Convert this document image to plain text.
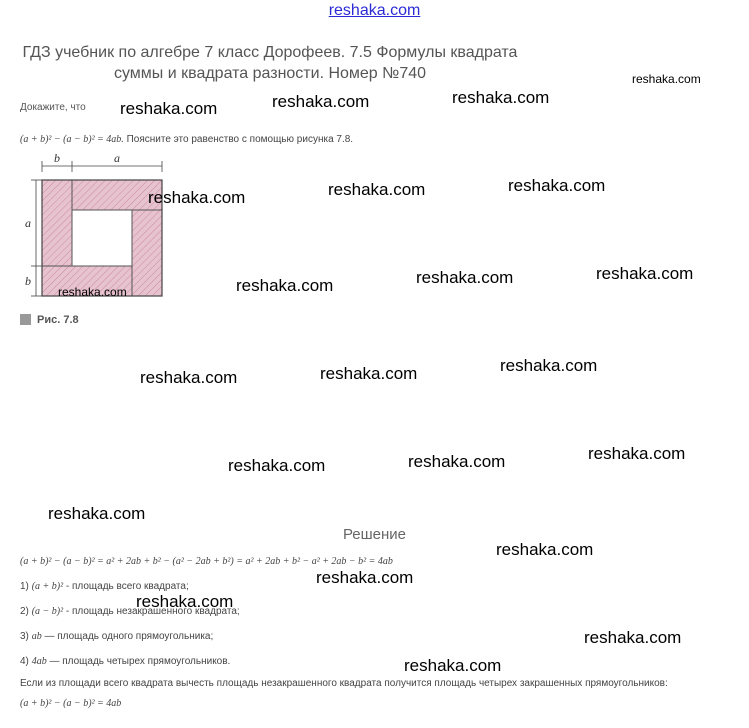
reshaka.com
ГДЗ учебник по алгебре 7 класс Дорофеев. 7.5 Формулы квадрата суммы и квадрата разности. Номер №740
Докажите, что
(a + b)² − (a − b)² = 4ab. Поясните это равенство с помощью рисунка 7.8.
b	a
a
b
Рис. 7.8
Решение
(a + b)² − (a − b)² = a² + 2ab + b² − (a² − 2ab + b²) = a² + 2ab + b² − a² + 2ab − b² = 4ab
1) (a + b)² - площадь всего квадрата;
2) (a − b)² - площадь незакрашенного квадрата;
3) ab — площадь одного прямоугольника;
4) 4ab — площадь четырех прямоугольников.
Если из площади всего квадрата вычесть площадь незакрашенного квадрата получится площадь четырех закрашенных прямоугольников:
(a + b)² − (a − b)² = 4ab
reshaka.com	reshaka.com	reshaka.com
reshaka.com
reshaka.com	reshaka.com	reshaka.com
reshaka.com	reshaka.com	reshaka.com
reshaka.com
reshaka.com	reshaka.com	reshaka.com
reshaka.com	reshaka.com	reshaka.com
reshaka.com
reshaka.com
reshaka.com
reshaka.com
reshaka.com
reshaka.com
